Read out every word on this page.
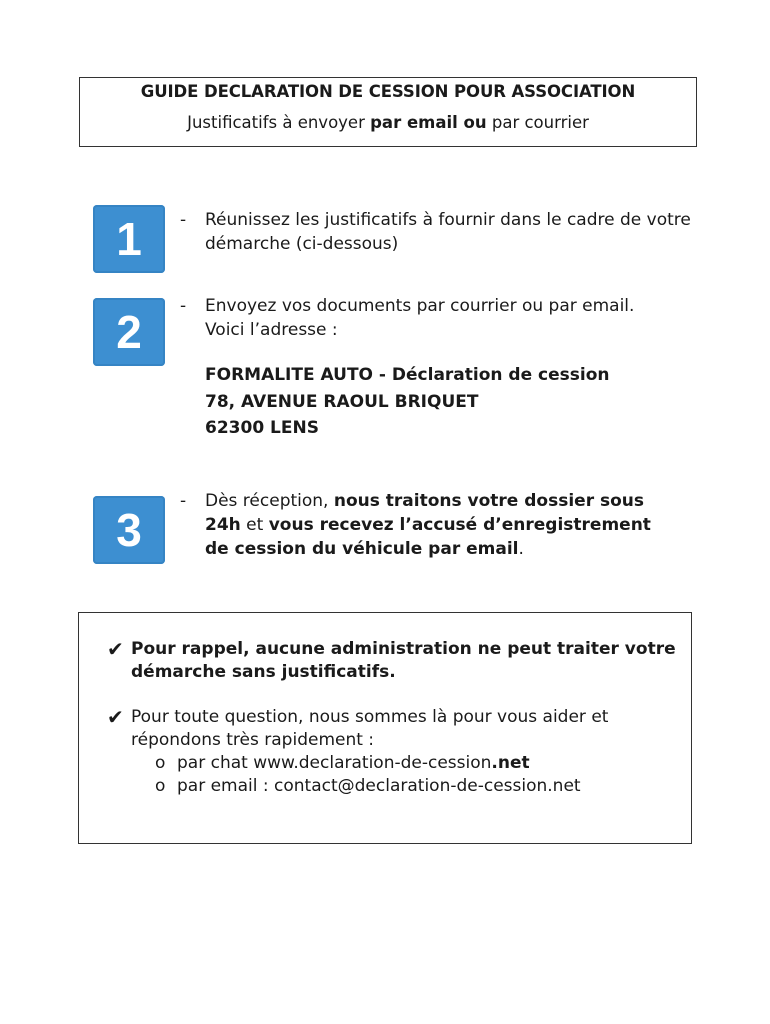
GUIDE DECLARATION DE CESSION POUR ASSOCIATION
Justificatifs à envoyer par email ou par courrier
1	- Réunissez les justificatifs à fournir dans le cadre de votre démarche (ci-dessous)
2	- Envoyez vos documents par courrier ou par email.
Voici l’adresse :
FORMALITE AUTO - Déclaration de cession
78, AVENUE RAOUL BRIQUET
62300 LENS
3
- Dès réception, nous traitons votre dossier sous 24h et vous recevez l’accusé d’enregistrement de cession du véhicule par email.
✔ Pour rappel, aucune administration ne peut traiter votre démarche sans justificatifs.
✔ Pour toute question, nous sommes là pour vous aider et répondons très rapidement :
o par chat www.declaration-de-cession.net
o par email : contact@declaration-de-cession.net
